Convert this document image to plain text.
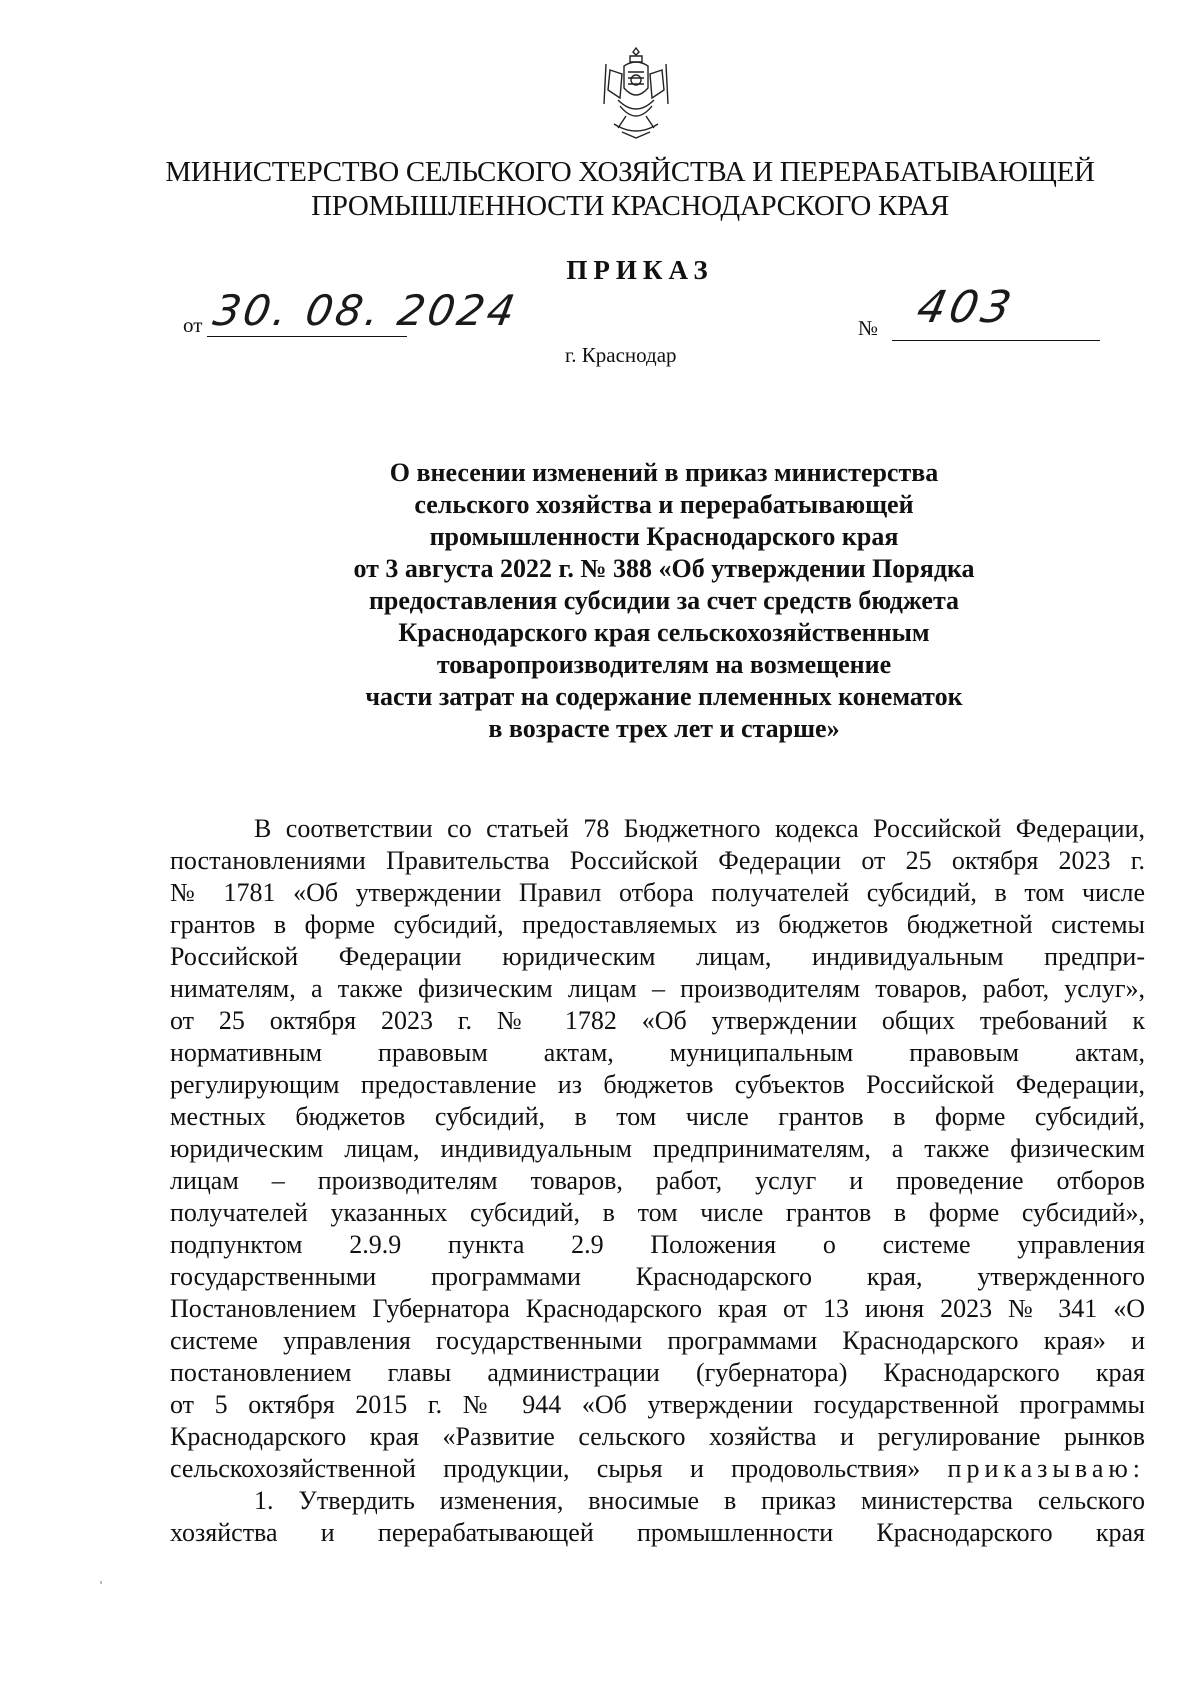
МИНИСТЕРСТВО СЕЛЬСКОГО ХОЗЯЙСТВА И ПЕРЕРАБАТЫВАЮЩЕЙ
ПРОМЫШЛЕННОСТИ КРАСНОДАРСКОГО КРАЯ
ПРИКАЗ
от 30. 08. 2024	№ 403
г. Краснодар
О внесении изменений в приказ министерства
сельского хозяйства и перерабатывающей
промышленности Краснодарского края
от 3 августа 2022 г. № 388 «Об утверждении Порядка
предоставления субсидии за счет средств бюджета
Краснодарского края сельскохозяйственным
товаропроизводителям на возмещение
части затрат на содержание племенных конематок
в возрасте трех лет и старше»
В соответствии со статьей 78 Бюджетного кодекса Российской Федерации,
постановлениями Правительства Российской Федерации от 25 октября 2023 г.
№ 1781 «Об утверждении Правил отбора получателей субсидий, в том числе
грантов в форме субсидий, предоставляемых из бюджетов бюджетной системы
Российской Федерации юридическим лицам, индивидуальным предпри-
нимателям, а также физическим лицам – производителям товаров, работ, услуг»,
от 25 октября 2023 г. № 1782 «Об утверждении общих требований к
нормативным правовым актам, муниципальным правовым актам,
регулирующим предоставление из бюджетов субъектов Российской Федерации,
местных бюджетов субсидий, в том числе грантов в форме субсидий,
юридическим лицам, индивидуальным предпринимателям, а также физическим
лицам – производителям товаров, работ, услуг и проведение отборов
получателей указанных субсидий, в том числе грантов в форме субсидий»,
подпунктом 2.9.9 пункта 2.9 Положения о системе управления
государственными программами Краснодарского края, утвержденного
Постановлением Губернатора Краснодарского края от 13 июня 2023 № 341 «О
системе управления государственными программами Краснодарского края» и
постановлением главы администрации (губернатора) Краснодарского края
от 5 октября 2015 г. № 944 «Об утверждении государственной программы
Краснодарского края «Развитие сельского хозяйства и регулирование рынков
сельскохозяйственной продукции, сырья и продовольствия» приказываю:
1. Утвердить изменения, вносимые в приказ министерства сельского
хозяйства и перерабатывающей промышленности Краснодарского края
